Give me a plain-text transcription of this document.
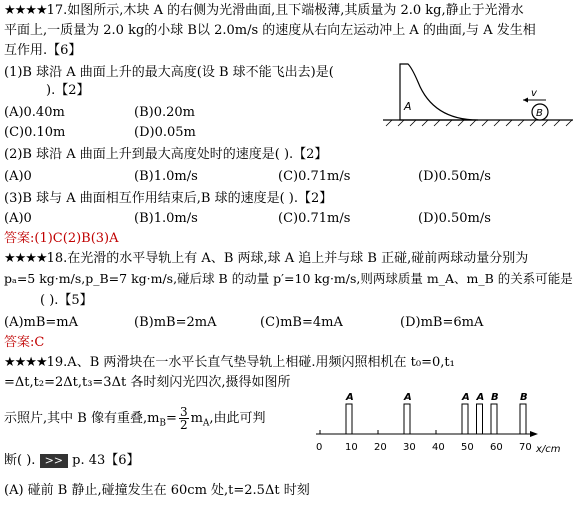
★★★★17.如图所示,木块 A 的右侧为光滑曲面,且下端极薄,其质量为 2.0 kg,静止于光滑水
平面上,一质量为 2.0 kg的小球 B以 2.0m/s 的速度从右向左运动冲上 A 的曲面,与 A 发生相
互作用.【6】
(1)B 球沿 A 曲面上升的最大高度(设 B 球不能飞出去)是(
).【2】
(A)0.40m	(B)0.20m
(C)0.10m	(D)0.05m
A
B
v
(2)B 球沿 A 曲面上升到最大高度处时的速度是( ).【2】
(A)0	(B)1.0m/s	(C)0.71m/s	(D)0.50m/s
(3)B 球与 A 曲面相互作用结束后,B 球的速度是( ).【2】
(A)0	(B)1.0m/s	(C)0.71m/s	(D)0.50m/s
答案:(1)C(2)B(3)A
★★★★18.在光滑的水平导轨上有 A、B 两球,球 A 追上并与球 B 正碰,碰前两球动量分别为
pₐ=5 kg·m/s,p_B=7 kg·m/s,碰后球 B 的动量 p′=10 kg·m/s,则两球质量 m_A、m_B 的关系可能是
( ).【5】
(A)mB=mA	(B)mB=2mA	(C)mB=4mA	(D)mB=6mA
答案:C
★★★★19.A、B 两滑块在一水平长直气垫导轨上相碰.用频闪照相机在 t₀=0,t₁
=Δt,t₂=2Δt,t₃=3Δt 各时刻闪光四次,摄得如图所
示照片,其中 B 像有重叠$,m_B= \frac{3}{2} m_A$,由此可判
断( ). >> p. 43【6】
(A) 碰前 B 静止,碰撞发生在 60cm 处,t=2.5Δt 时刻
0 10 20 30 40 50 60 70
A	A	A A B B
x/cm
